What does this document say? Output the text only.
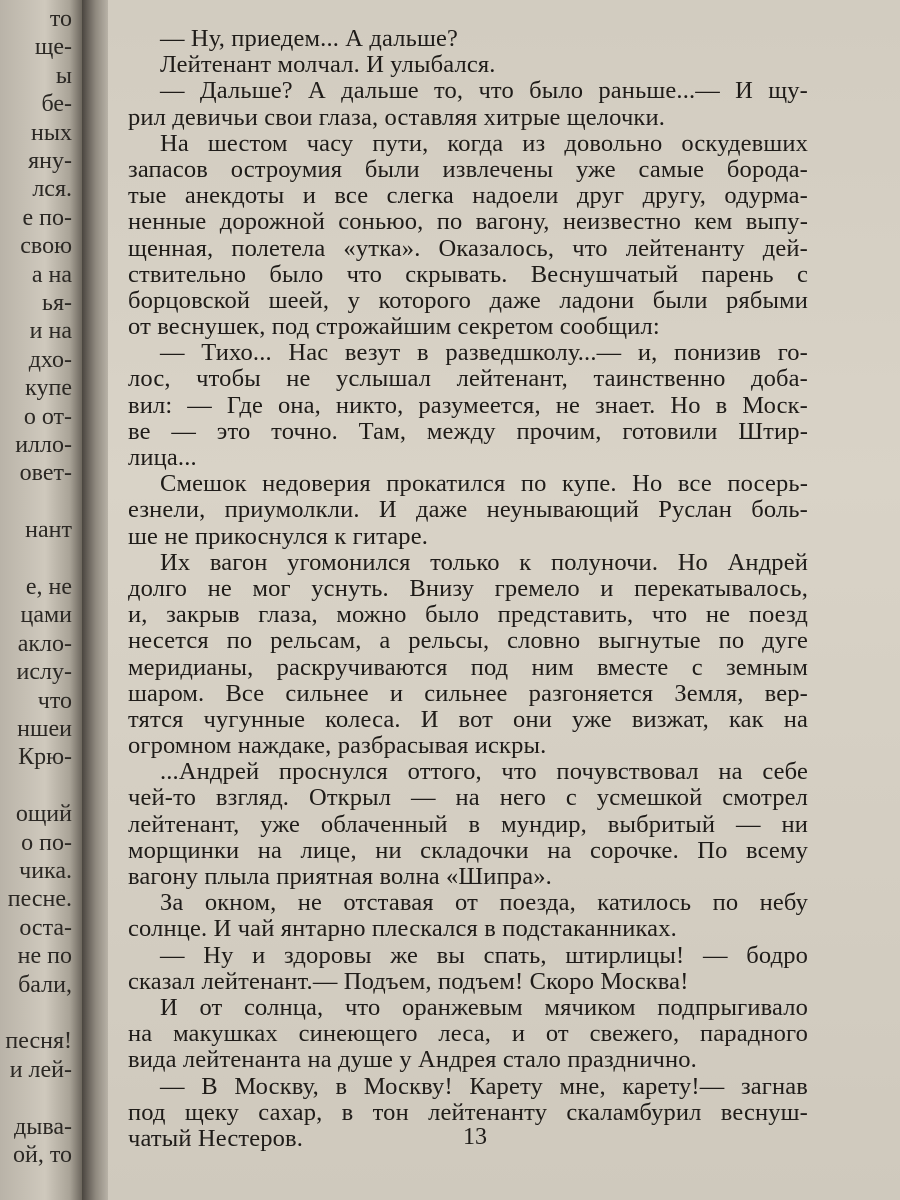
то
ще-
ы
бе-
ных
яну-
лся.
е по-
свою
а на
ья-
и на
дхо-
купе
о от-
илло-
овет-
нант
е, не
цами
акло-
ислу-
что
ншеи
Крю-
ощий
о по-
чика.
песне.
оста-
не по
бали,
песня!
и лей-
дыва-
ой, то
— Ну, приедем... А дальше?
Лейтенант молчал. И улыбался.
— Дальше? А дальше то, что было раньше...— И щу-
рил девичьи свои глаза, оставляя хитрые щелочки.
На шестом часу пути, когда из довольно оскудевших
запасов остроумия были извлечены уже самые борода-
тые анекдоты и все слегка надоели друг другу, одурма-
ненные дорожной соньюо, по вагону, неизвестно кем выпу-
щенная, полетела «утка». Оказалось, что лейтенанту дей-
ствительно было что скрывать. Веснушчатый парень с
борцовской шеей, у которого даже ладони были рябыми
от веснушек, под строжайшим секретом сообщил:
— Тихо... Нас везут в разведшколу...— и, понизив го-
лос, чтобы не услышал лейтенант, таинственно доба-
вил: — Где она, никто, разумеется, не знает. Но в Моск-
ве — это точно. Там, между прочим, готовили Штир-
лица...
Смешок недоверия прокатился по купе. Но все посерь-
езнели, приумолкли. И даже неунывающий Руслан боль-
ше не прикоснулся к гитаре.
Их вагон угомонился только к полуночи. Но Андрей
долго не мог уснуть. Внизу гремело и перекатывалось,
и, закрыв глаза, можно было представить, что не поезд
несется по рельсам, а рельсы, словно выгнутые по дуге
меридианы, раскручиваются под ним вместе с земным
шаром. Все сильнее и сильнее разгоняется Земля, вер-
тятся чугунные колеса. И вот они уже визжат, как на
огромном наждаке, разбрасывая искры.
...Андрей проснулся оттого, что почувствовал на себе
чей-то взгляд. Открыл — на него с усмешкой смотрел
лейтенант, уже облаченный в мундир, выбритый — ни
морщинки на лице, ни складочки на сорочке. По всему
вагону плыла приятная волна «Шипра».
За окном, не отставая от поезда, катилось по небу
солнце. И чай янтарно плескался в подстаканниках.
— Ну и здоровы же вы спать, штирлицы! — бодро
сказал лейтенант.— Подъем, подъем! Скоро Москва!
И от солнца, что оранжевым мячиком подпрыгивало
на макушках синеющего леса, и от свежего, парадного
вида лейтенанта на душе у Андрея стало празднично.
— В Москву, в Москву! Карету мне, карету!— загнав
под щеку сахар, в тон лейтенанту скаламбурил веснуш-
чатый Нестеров.	13
